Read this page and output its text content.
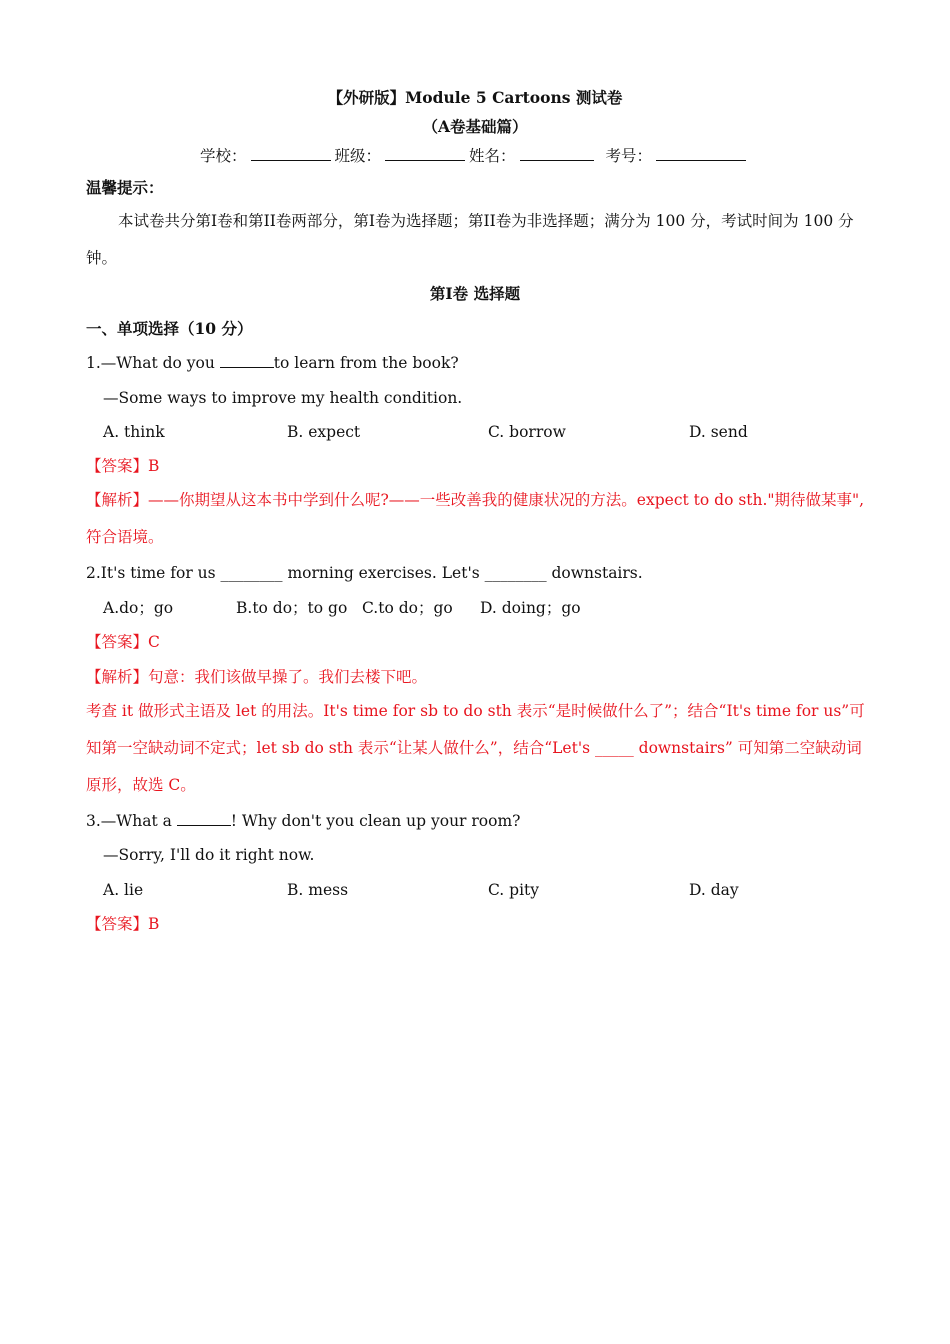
【外研版】Module 5 Cartoons 测试卷
（A卷基础篇）
学校：	班级：	姓名：	考号：
温馨提示：
本试卷共分第I卷和第II卷两部分，第I卷为选择题；第II卷为非选择题；满分为 100 分，考试时间为 100 分钟。
第I卷 选择题
一、单项选择（10 分）
1.—What do you	to learn from the book?
—Some ways to improve my health condition.
A. think	B. expect	C. borrow	D. send
【答案】B
【解析】——你期望从这本书中学到什么呢?——一些改善我的健康状况的方法。expect to do sth."期待做某事",符合语境。
2.It's time for us ________ morning exercises. Let's ________ downstairs.
A.do；go	B.to do；to go C.to do；go D. doing；go
【答案】C
【解析】句意：我们该做早操了。我们去楼下吧。
考查 it 做形式主语及 let 的用法。It's time for sb to do sth 表示“是时候做什么了”；结合“It's time for us”可知第一空缺动词不定式；let sb do sth 表示“让某人做什么”，结合“Let's _____ downstairs” 可知第二空缺动词原形，故选 C。
3.—What a	! Why don't you clean up your room?
—Sorry, I'll do it right now.
A. lie	B. mess	C. pity	D. day
【答案】B
